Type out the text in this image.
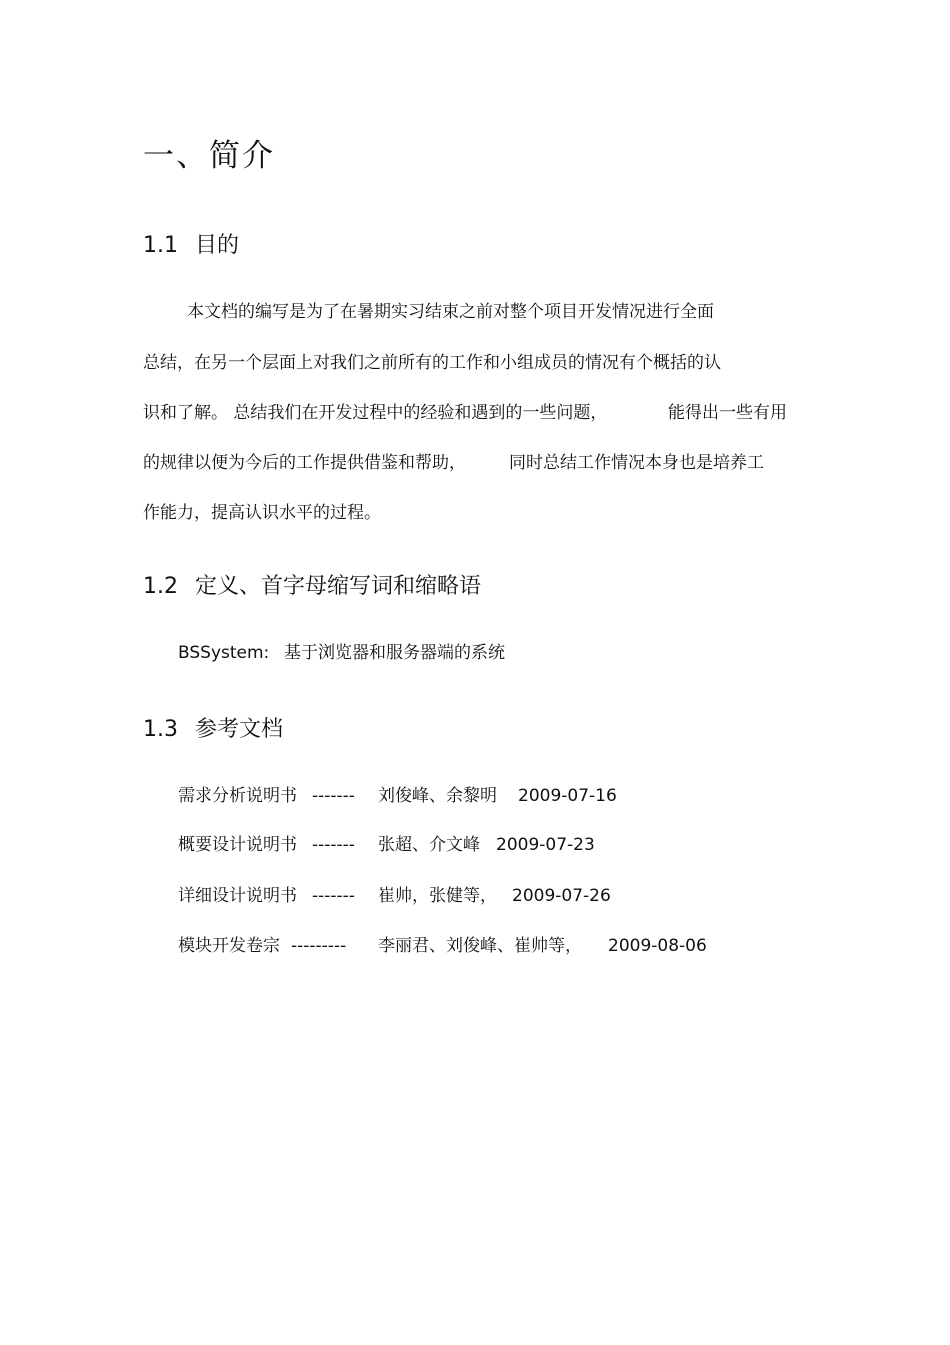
一、简介
1.1 目的
本文档的编写是为了在暑期实习结束之前对整个项目开发情况进行全面
总结，在另一个层面上对我们之前所有的工作和小组成员的情况有个概括的认
识和了解。 总结我们在开发过程中的经验和遇到的一些问题，	能得出一些有用
的规律以便为今后的工作提供借鉴和帮助，	同时总结工作情况本身也是培养工
作能力，提高认识水平的过程。
1.2 定义、首字母缩写词和缩略语
BSSystem: 基于浏览器和服务器端的系统
1.3 参考文档
需求分析说明书 ------- 刘俊峰、余黎明 2009-07-16
概要设计说明书 ------- 张超、介文峰 2009-07-23
详细设计说明书 ------- 崔帅，张健等， 2009-07-26
模块开发卷宗 --------- 李丽君、刘俊峰、崔帅等， 2009-08-06
